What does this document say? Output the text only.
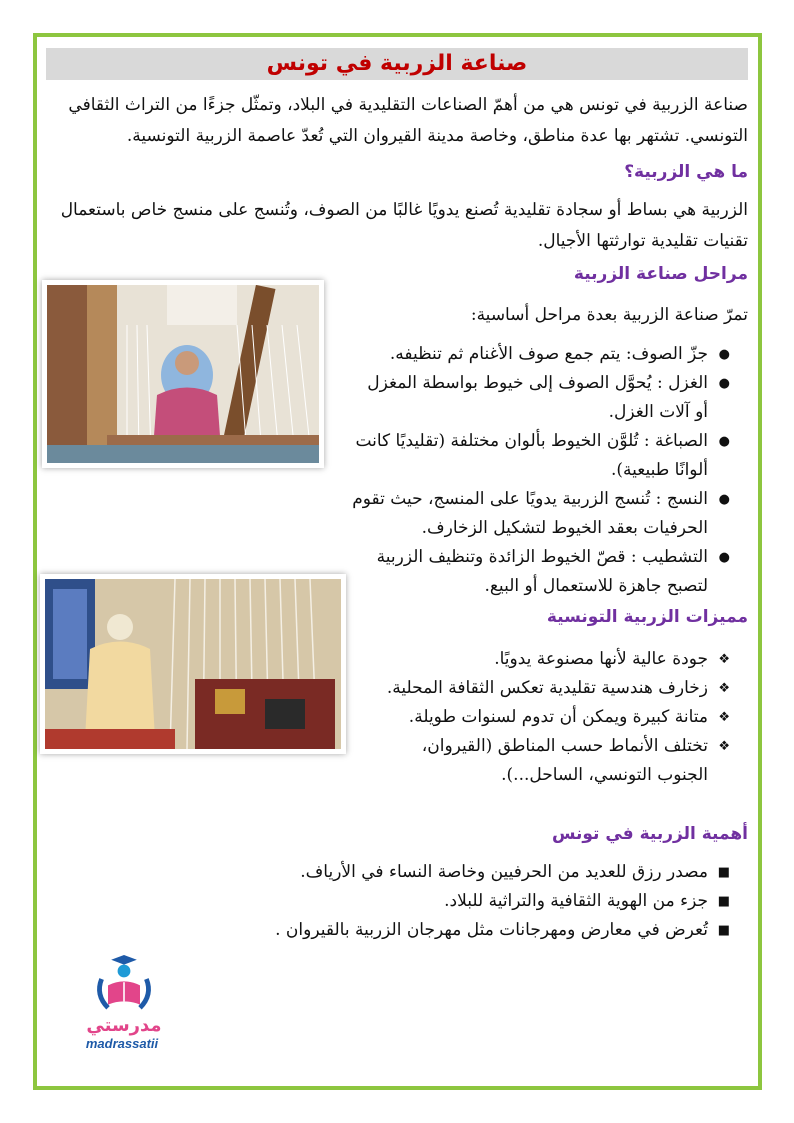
صناعة الزربية في تونس
صناعة الزربية في تونس هي من أهمّ الصناعات التقليدية في البلاد، وتمثّل جزءًا من التراث الثقافي التونسي. تشتهر بها عدة مناطق، وخاصة مدينة القيروان التي تُعدّ عاصمة الزربية التونسية.
ما هي الزربية؟
الزربية هي بساط أو سجادة تقليدية تُصنع يدويًا غالبًا من الصوف، وتُنسج على منسج خاص باستعمال تقنيات تقليدية توارثتها الأجيال.
مراحل صناعة الزربية
تمرّ صناعة الزربية بعدة مراحل أساسية:
●
جزّ الصوف: يتم جمع صوف الأغنام ثم تنظيفه.
●
الغزل : يُحوَّل الصوف إلى خيوط بواسطة المغزل أو آلات الغزل.
●
الصباغة : تُلوَّن الخيوط بألوان مختلفة (تقليديًا كانت ألوانًا طبيعية).
●
النسج : تُنسج الزربية يدويًا على المنسج، حيث تقوم الحرفيات بعقد الخيوط لتشكيل الزخارف.
●
التشطيب : قصّ الخيوط الزائدة وتنظيف الزربية لتصبح جاهزة للاستعمال أو البيع.
مميزات الزربية التونسية
❖
جودة عالية لأنها مصنوعة يدويًا.
❖
زخارف هندسية تقليدية تعكس الثقافة المحلية.
❖
متانة كبيرة ويمكن أن تدوم لسنوات طويلة.
❖
تختلف الأنماط حسب المناطق (القيروان، الجنوب التونسي، الساحل...).
أهمية الزربية في تونس
■
مصدر رزق للعديد من الحرفيين وخاصة النساء في الأرياف.
■
جزء من الهوية الثقافية والتراثية للبلاد.
■
تُعرض في معارض ومهرجانات مثل مهرجان الزربية بالقيروان .
مدرستي
madrassatii
